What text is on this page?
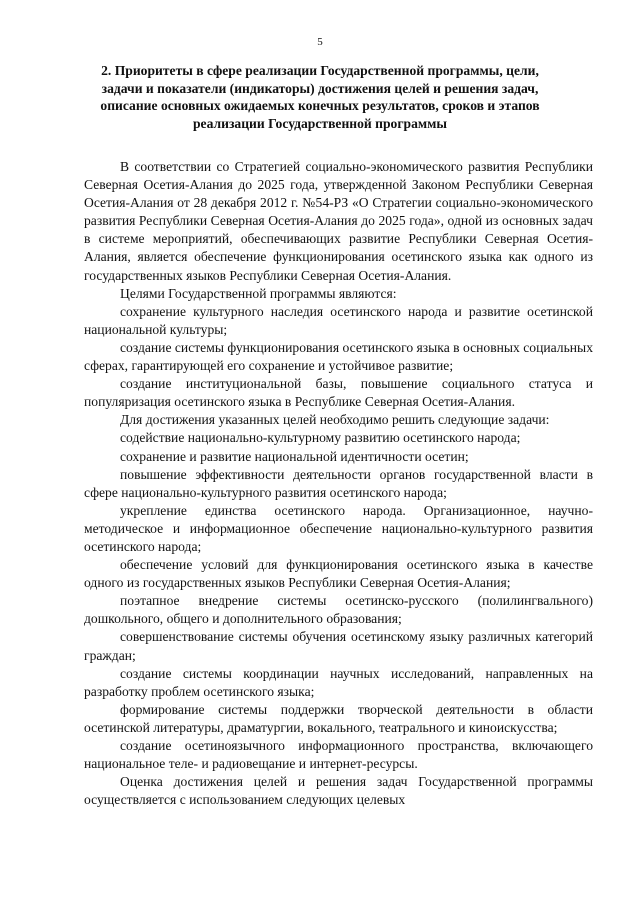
5
2. Приоритеты в сфере реализации Государственной программы, цели, задачи и показатели (индикаторы) достижения целей и решения задач, описание основных ожидаемых конечных результатов, сроков и этапов реализации Государственной программы

В соответствии со Стратегией социально-экономического развития Республики Северная Осетия-Алания до 2025 года, утвержденной Законом Республики Северная Осетия-Алания от 28 декабря 2012 г. №54-РЗ «О Стратегии социально-экономического развития Республики Северная Осетия-Алания до 2025 года», одной из основных задач в системе мероприятий, обеспечивающих развитие Республики Северная Осетия-Алания, является обеспечение функционирования осетинского языка как одного из государственных языков Республики Северная Осетия-Алания.

Целями Государственной программы являются:

сохранение культурного наследия осетинского народа и развитие осетинской национальной культуры;

создание системы функционирования осетинского языка в основных социальных сферах, гарантирующей его сохранение и устойчивое развитие;

создание институциональной базы, повышение социального статуса и популяризация осетинского языка в Республике Северная Осетия-Алания.

Для достижения указанных целей необходимо решить следующие задачи:

содействие национально-культурному развитию осетинского народа;

сохранение и развитие национальной идентичности осетин;

повышение эффективности деятельности органов государственной власти в сфере национально-культурного развития осетинского народа;

укрепление единства осетинского народа. Организационное, научно-методическое и информационное обеспечение национально-культурного развития осетинского народа;

обеспечение условий для функционирования осетинского языка в качестве одного из государственных языков Республики Северная Осетия-Алания;

поэтапное внедрение системы осетинско-русского (полилингвального) дошкольного, общего и дополнительного образования;

совершенствование системы обучения осетинскому языку различных категорий граждан;

создание системы координации научных исследований, направленных на разработку проблем осетинского языка;

формирование системы поддержки творческой деятельности в области осетинской литературы, драматургии, вокального, театрального и киноискусства;

создание осетиноязычного информационного пространства, включающего национальное теле- и радиовещание и интернет-ресурсы.

Оценка достижения целей и решения задач Государственной программы осуществляется с использованием следующих целевых
